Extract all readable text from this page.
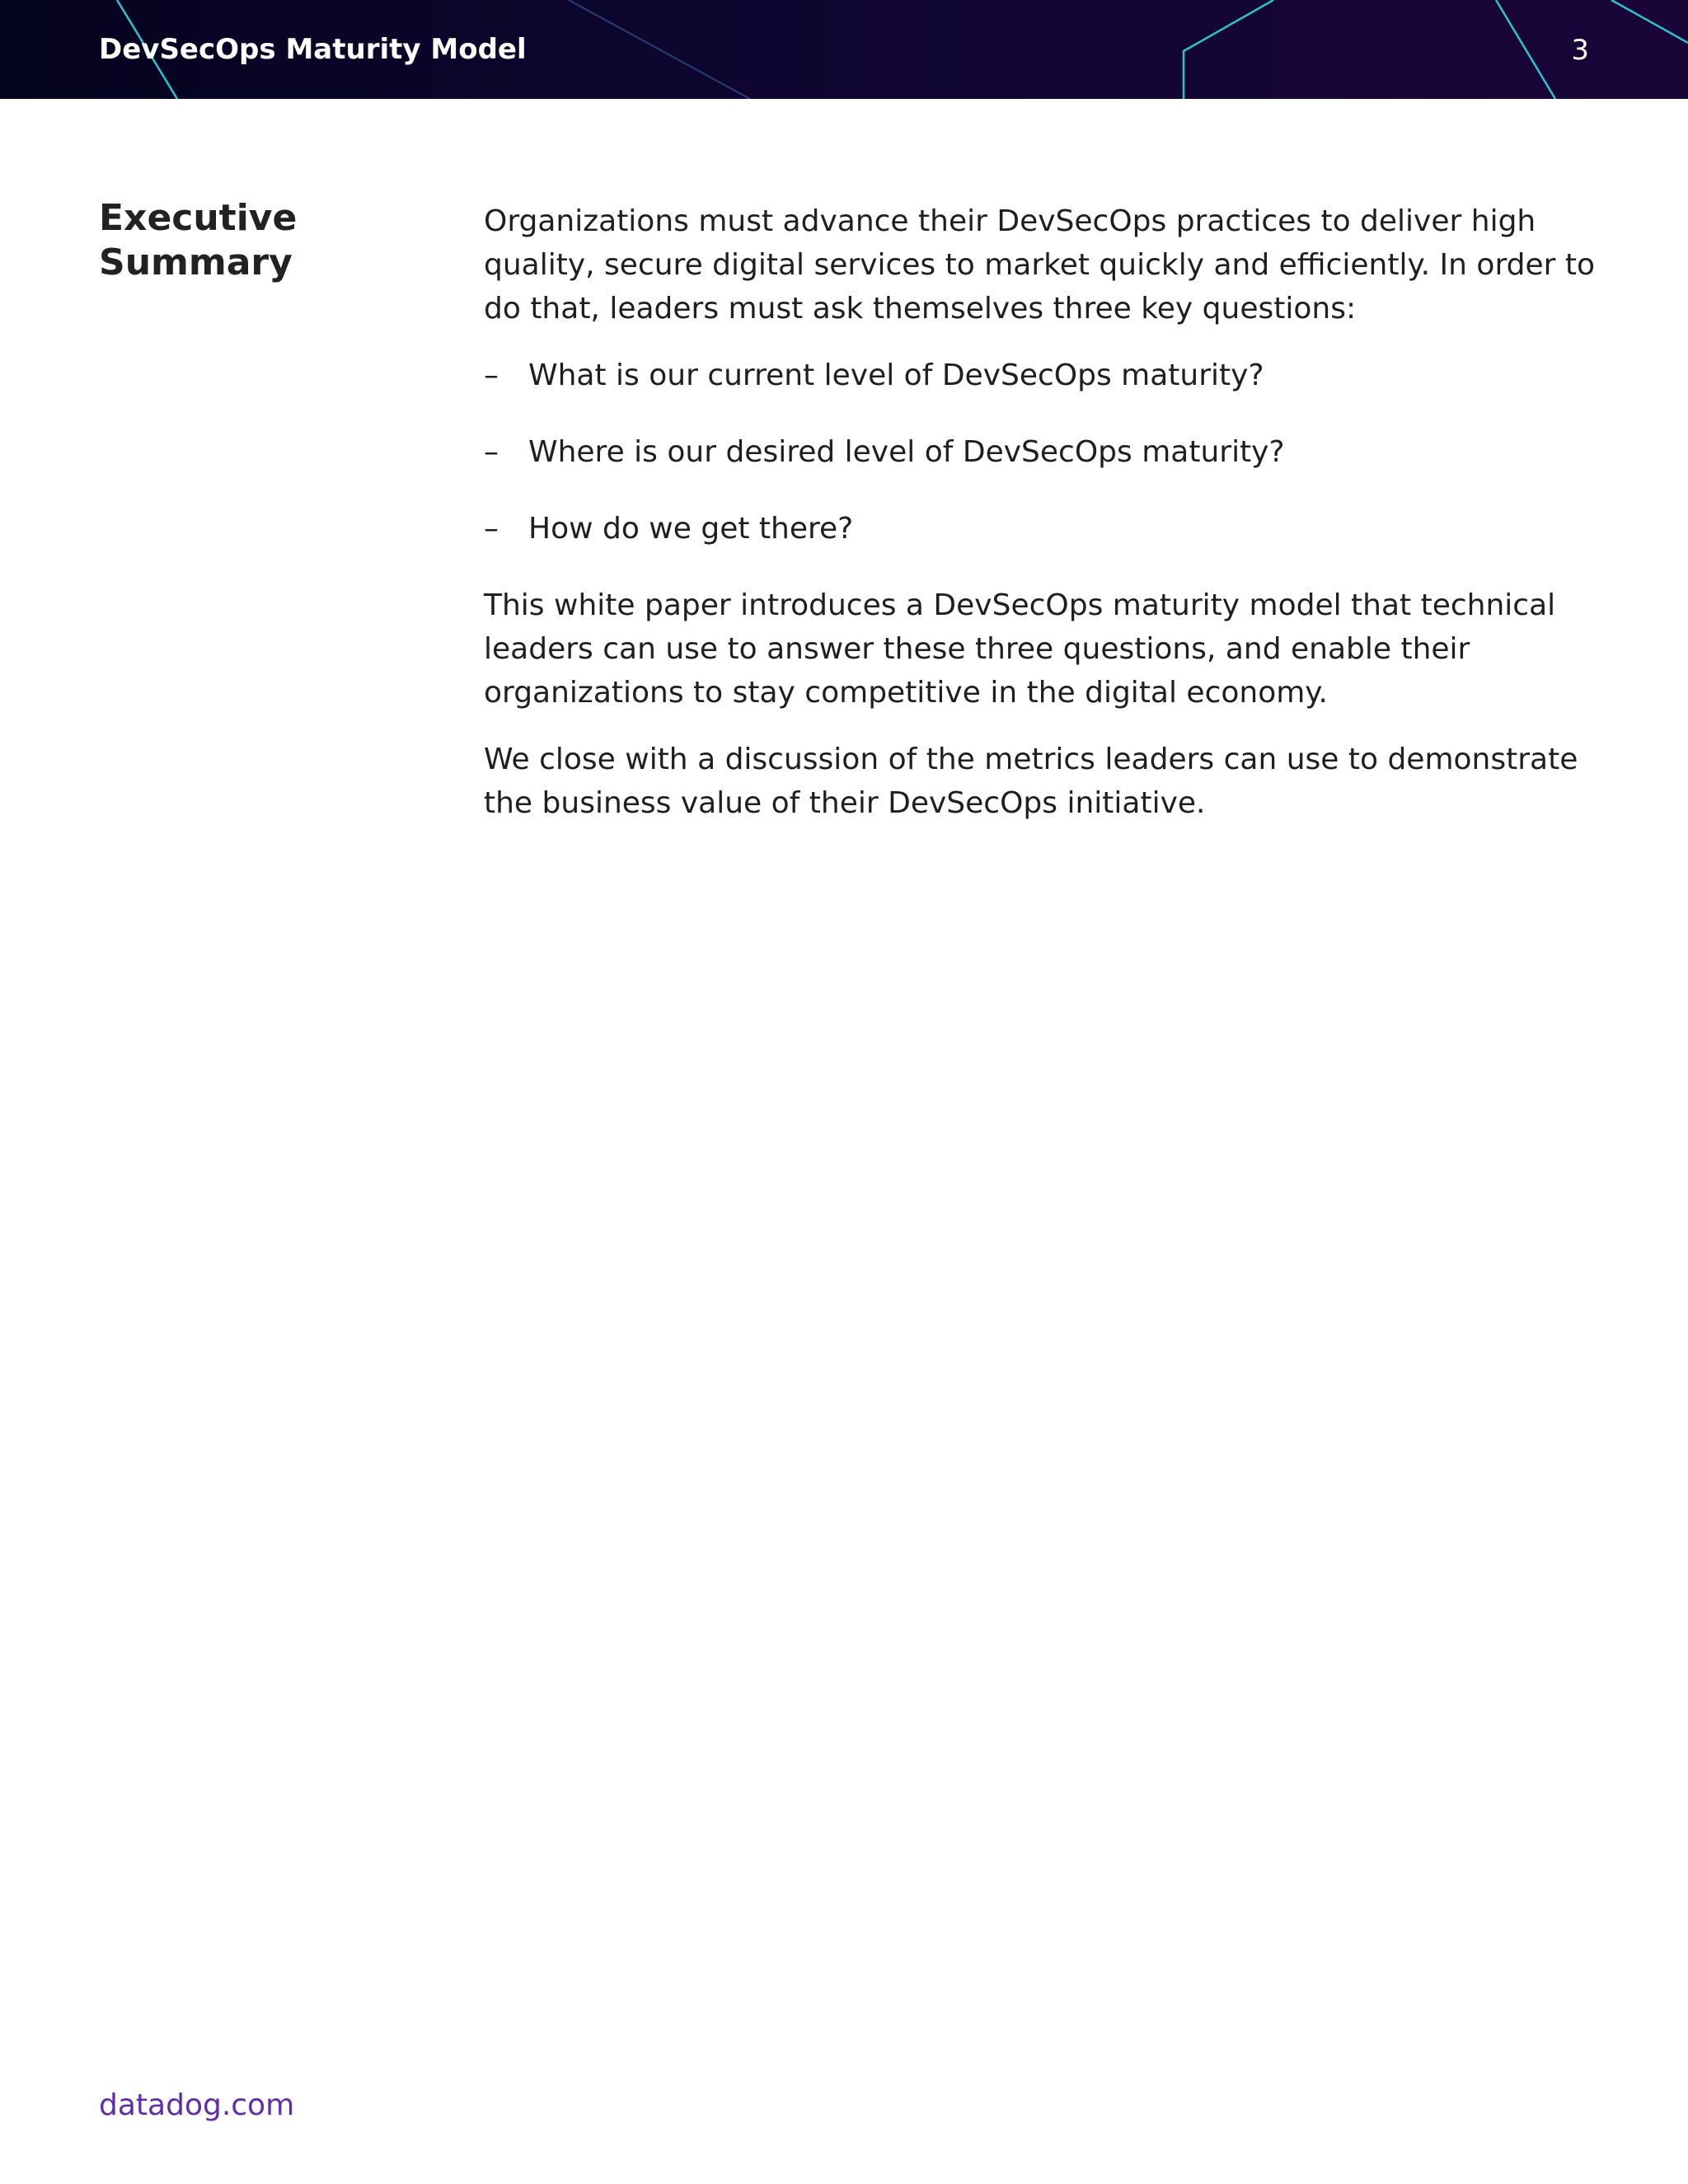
DevSecOps Maturity Model	3
Executive
Summary

Organizations must advance their DevSecOps practices to deliver high quality, secure digital services to market quickly and efficiently. In order to do that, leaders must ask themselves three key questions:

– What is our current level of DevSecOps maturity?
– Where is our desired level of DevSecOps maturity?
– How do we get there?

This white paper introduces a DevSecOps maturity model that technical leaders can use to answer these three questions, and enable their organizations to stay competitive in the digital economy.

We close with a discussion of the metrics leaders can use to demonstrate the business value of their DevSecOps initiative.

datadog.com
